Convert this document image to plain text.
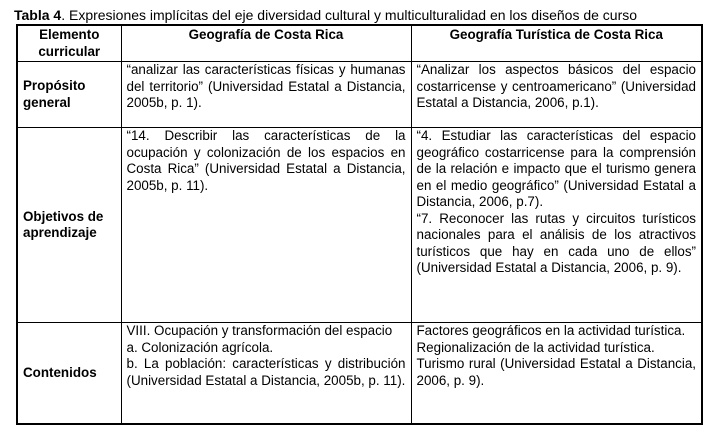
Tabla 4. Expresiones implícitas del eje diversidad cultural y multiculturalidad en los diseños de curso
Elemento curricular	Geografía de Costa Rica	Geografía Turística de Costa Rica
Propósito general	“analizar las características físicas y humanas del territorio” (Universidad Estatal a Distancia, 2005b, p. 1).	“Analizar los aspectos básicos del espacio costarricense y centroamericano” (Universidad Estatal a Distancia, 2006, p.1).

Objetivos de aprendizaje	“14. Describir las características de la ocupación y colonización de los espacios en Costa Rica” (Universidad Estatal a Distancia, 2005b, p. 11).	“4. Estudiar las características del espacio geográfico costarricense para la comprensión de la relación e impacto que el turismo genera en el medio geográfico” (Universidad Estatal a Distancia, 2006, p.7).
“7. Reconocer las rutas y circuitos turísticos nacionales para el análisis de los atractivos turísticos que hay en cada uno de ellos” (Universidad Estatal a Distancia, 2006, p. 9).

Contenidos	VIII. Ocupación y transformación del espacio
a. Colonización agrícola.
b. La población: características y distribución (Universidad Estatal a Distancia, 2005b, p. 11).	Factores geográficos en la actividad turística.
Regionalización de la actividad turística.
Turismo rural (Universidad Estatal a Distancia, 2006, p. 9).
